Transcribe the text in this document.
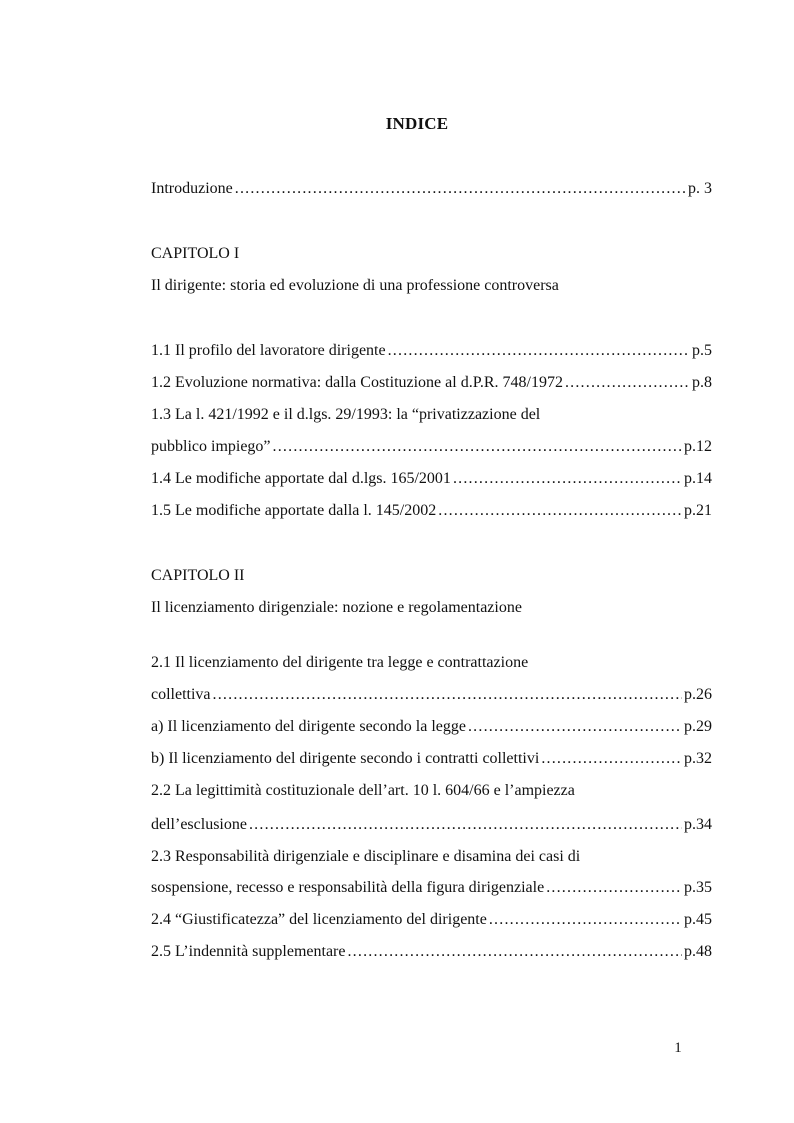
INDICE
Introduzione .....	p. 3
CAPITOLO I
Il dirigente: storia ed evoluzione di una professione controversa
1.1 Il profilo del lavoratore dirigente .....	p.5
1.2 Evoluzione normativa: dalla Costituzione al d.P.R. 748/1972 .....	p.8
1.3 La l. 421/1992 e il d.lgs. 29/1993: la “privatizzazione del
pubblico impiego” .....	p.12
1.4 Le modifiche apportate dal d.lgs. 165/2001 .....	p.14
1.5 Le modifiche apportate dalla l. 145/2002 .....	p.21
CAPITOLO II
Il licenziamento dirigenziale: nozione e regolamentazione
2.1 Il licenziamento del dirigente tra legge e contrattazione
collettiva .....	p.26
a) Il licenziamento del dirigente secondo la legge .....	p.29
b) Il licenziamento del dirigente secondo i contratti collettivi .....	p.32
2.2 La legittimità costituzionale dell’art. 10 l. 604/66 e l’ampiezza
dell’esclusione .....	p.34
2.3 Responsabilità dirigenziale e disciplinare e disamina dei casi di
sospensione, recesso e responsabilità della figura dirigenziale .....	p.35
2.4 “Giustificatezza” del licenziamento del dirigente .....	p.45
2.5 L’indennità supplementare .....	p.48
1
